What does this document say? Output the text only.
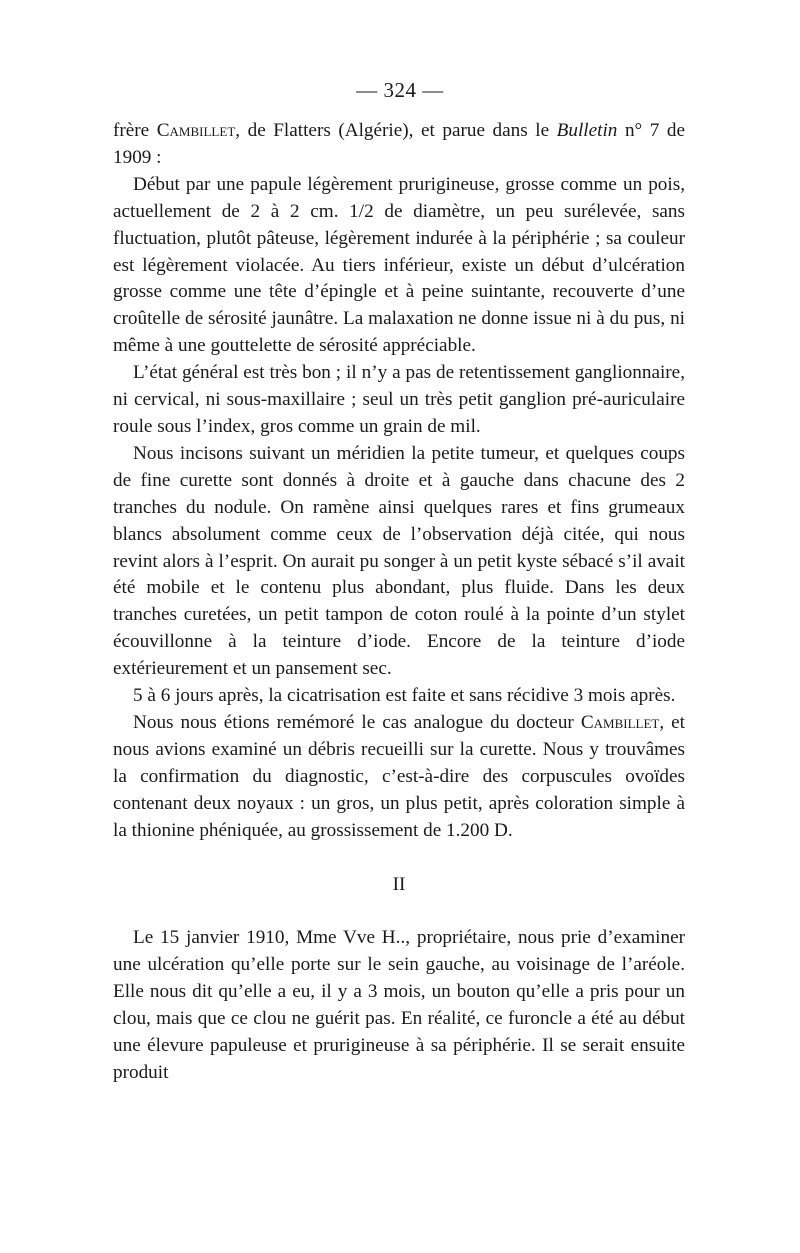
— 324 —

frère Cambillet, de Flatters (Algérie), et parue dans le Bulletin n° 7 de 1909 :

Début par une papule légèrement prurigineuse, grosse comme un pois, actuellement de 2 à 2 cm. 1/2 de diamètre, un peu surélevée, sans fluctuation, plutôt pâteuse, légèrement indurée à la périphérie ; sa couleur est légèrement violacée. Au tiers inférieur, existe un début d’ulcération grosse comme une tête d’épingle et à peine suintante, recouverte d’une croûtelle de sérosité jaunâtre. La malaxation ne donne issue ni à du pus, ni même à une gouttelette de sérosité appréciable.

L’état général est très bon ; il n’y a pas de retentissement ganglionnaire, ni cervical, ni sous-maxillaire ; seul un très petit ganglion pré-auriculaire roule sous l’index, gros comme un grain de mil.

Nous incisons suivant un méridien la petite tumeur, et quelques coups de fine curette sont donnés à droite et à gauche dans chacune des 2 tranches du nodule. On ramène ainsi quelques rares et fins grumeaux blancs absolument comme ceux de l’observation déjà citée, qui nous revint alors à l’esprit. On aurait pu songer à un petit kyste sébacé s’il avait été mobile et le contenu plus abondant, plus fluide. Dans les deux tranches curetées, un petit tampon de coton roulé à la pointe d’un stylet écouvillonne à la teinture d’iode. Encore de la teinture d’iode extérieurement et un pansement sec.

5 à 6 jours après, la cicatrisation est faite et sans récidive 3 mois après.

Nous nous étions remémoré le cas analogue du docteur Cambillet, et nous avions examiné un débris recueilli sur la curette. Nous y trouvâmes la confirmation du diagnostic, c’est-à-dire des corpuscules ovoïdes contenant deux noyaux : un gros, un plus petit, après coloration simple à la thionine phéniquée, au grossissement de 1.200 D.

II

Le 15 janvier 1910, Mme Vve H.., propriétaire, nous prie d’examiner une ulcération qu’elle porte sur le sein gauche, au voisinage de l’aréole. Elle nous dit qu’elle a eu, il y a 3 mois, un bouton qu’elle a pris pour un clou, mais que ce clou ne guérit pas. En réalité, ce furoncle a été au début une élevure papuleuse et prurigineuse à sa périphérie. Il se serait ensuite produit
